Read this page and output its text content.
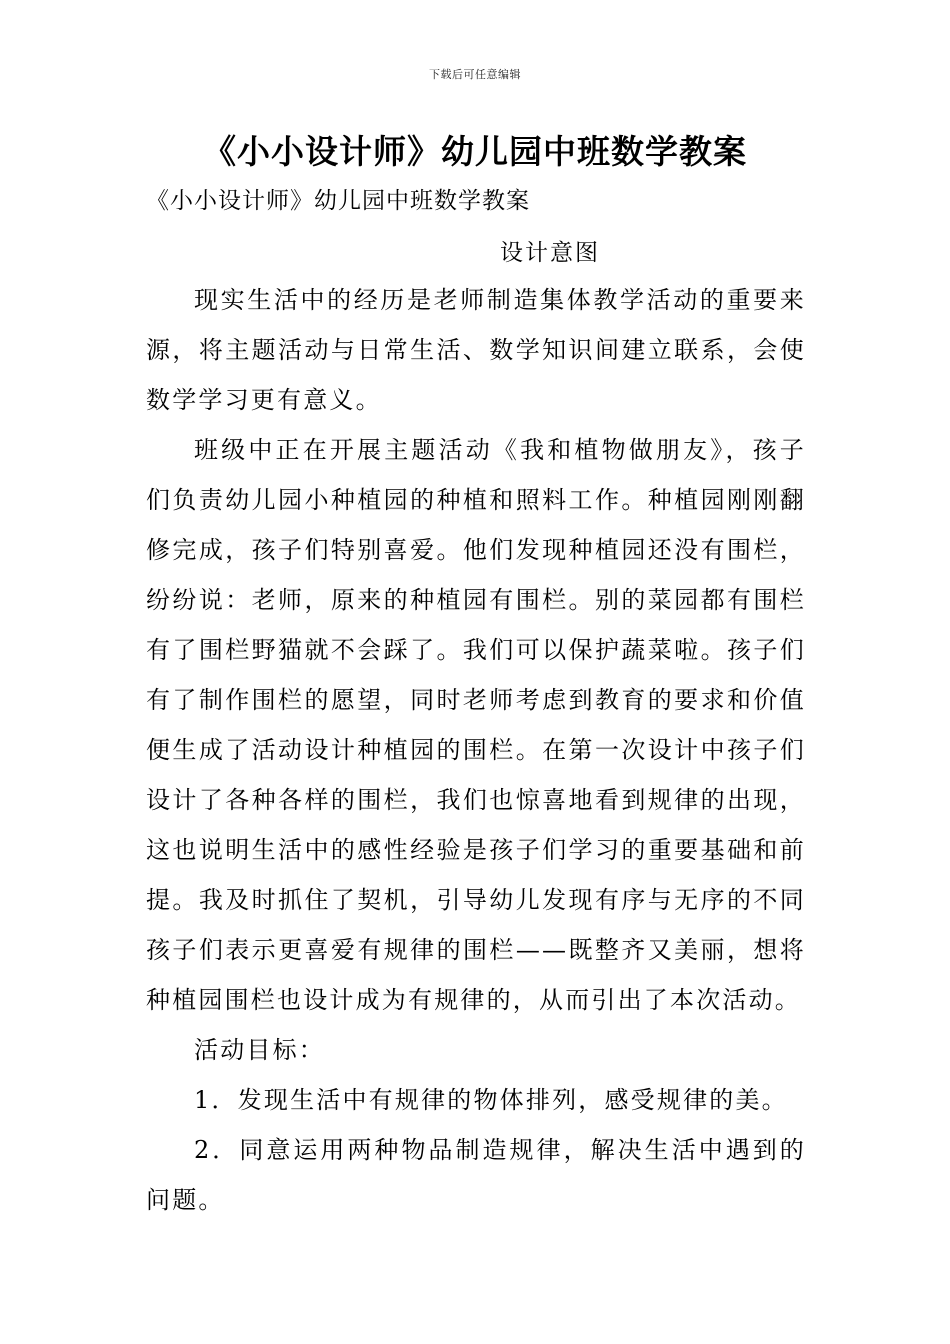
下载后可任意编辑
《小小设计师》幼儿园中班数学教案
《小小设计师》幼儿园中班数学教案
设计意图

现实生活中的经历是老师制造集体教学活动的重要来源，将主题活动与日常生活、数学知识间建立联系，会使数学学习更有意义。

班级中正在开展主题活动《我和植物做朋友》，孩子们负责幼儿园小种植园的种植和照料工作。种植园刚刚翻修完成，孩子们特别喜爱。他们发现种植园还没有围栏，纷纷说：老师，原来的种植园有围栏。别的菜园都有围栏有了围栏野猫就不会踩了。我们可以保护蔬菜啦。孩子们有了制作围栏的愿望，同时老师考虑到教育的要求和价值便生成了活动设计种植园的围栏。在第一次设计中孩子们设计了各种各样的围栏，我们也惊喜地看到规律的出现，这也说明生活中的感性经验是孩子们学习的重要基础和前提。我及时抓住了契机，引导幼儿发现有序与无序的不同孩子们表示更喜爱有规律的围栏——既整齐又美丽，想将种植园围栏也设计成为有规律的，从而引出了本次活动。

活动目标：

1．发现生活中有规律的物体排列，感受规律的美。

2．同意运用两种物品制造规律，解决生活中遇到的问题。
